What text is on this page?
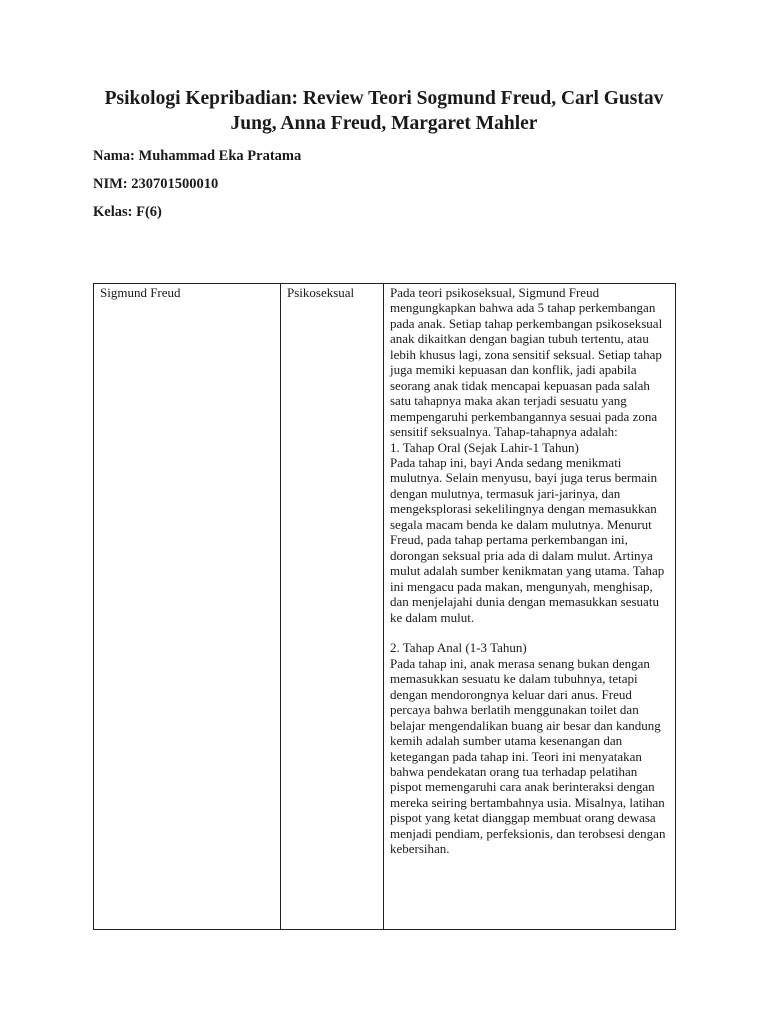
Psikologi Kepribadian: Review Teori Sogmund Freud, Carl Gustav Jung, Anna Freud, Margaret Mahler

Nama: Muhammad Eka Pratama

NIM: 230701500010

Kelas: F(6)

Sigmund Freud	Psikoseksual	Pada teori psikoseksual, Sigmund Freud mengungkapkan bahwa ada 5 tahap perkembangan pada anak. Setiap tahap perkembangan psikoseksual anak dikaitkan dengan bagian tubuh tertentu, atau lebih khusus lagi, zona sensitif seksual. Setiap tahap juga memiki kepuasan dan konflik, jadi apabila seorang anak tidak mencapai kepuasan pada salah satu tahapnya maka akan terjadi sesuatu yang mempengaruhi perkembangannya sesuai pada zona sensitif seksualnya. Tahap-tahapnya adalah:

1. Tahap Oral (Sejak Lahir-1 Tahun)

Pada tahap ini, bayi Anda sedang menikmati mulutnya. Selain menyusu, bayi juga terus bermain dengan mulutnya, termasuk jari-jarinya, dan mengeksplorasi sekelilingnya dengan memasukkan segala macam benda ke dalam mulutnya. Menurut Freud, pada tahap pertama perkembangan ini, dorongan seksual pria ada di dalam mulut. Artinya mulut adalah sumber kenikmatan yang utama. Tahap ini mengacu pada makan, mengunyah, menghisap, dan menjelajahi dunia dengan memasukkan sesuatu ke dalam mulut.

2. Tahap Anal (1-3 Tahun)

Pada tahap ini, anak merasa senang bukan dengan memasukkan sesuatu ke dalam tubuhnya, tetapi dengan mendorongnya keluar dari anus. Freud percaya bahwa berlatih menggunakan toilet dan belajar mengendalikan buang air besar dan kandung kemih adalah sumber utama kesenangan dan ketegangan pada tahap ini. Teori ini menyatakan bahwa pendekatan orang tua terhadap pelatihan pispot memengaruhi cara anak berinteraksi dengan mereka seiring bertambahnya usia. Misalnya, latihan pispot yang ketat dianggap membuat orang dewasa menjadi pendiam, perfeksionis, dan terobsesi dengan kebersihan.
